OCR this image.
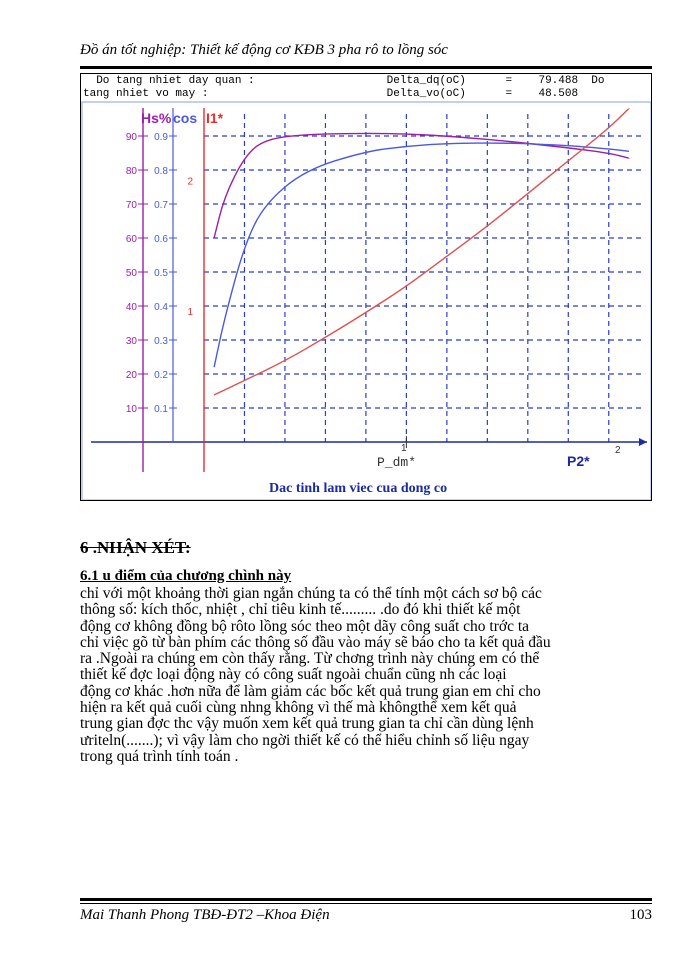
Đồ án tốt nghiệp: Thiết kế động cơ KĐB 3 pha rô to lồng sóc
Do tang nhiet day quan :                    Delta_dq(oC)      =    79.488  Do
tang nhiet vo may :                           Delta_vo(oC)      =    48.508
90
80
70
60
50
40
30
20
10
0.9
0.8
0.7
0.6
0.5
0.4
0.3
0.2
0.1
2
1
Hs% cos I1*
P_dm*	P2*
1	2
Dac tinh lam viec cua dong co
6 .NHẬN XÉT:
6.1 u điểm của chương chình này
chỉ với một khoảng thời gian ngắn chúng ta có thể tính một cách sơ bộ các
thông số: kích thốc, nhiệt , chỉ tiêu kinh tế......... .do đó khi thiết kế một
động cơ không đồng bộ rôto lồng sóc theo một dãy công suất cho trớc ta
chỉ việc gõ từ bàn phím các thông số đầu vào máy sẽ báo cho ta kết quả đầu
ra .Ngoài ra chúng em còn thấy rằng. Từ chơng trình này chúng em có thể
thiết kế đợc loại động này có công suất ngoài chuẩn cũng nh các loại
động cơ khác .hơn nữa để làm giảm các bốc kết quả trung gian em chỉ cho
hiện ra kết quả cuối cùng nhng không vì thế mà khôngthể xem kết quả
trung gian đợc thc vậy muốn xem kết quả trung gian ta chỉ cần dùng lệnh
ưriteln(.......); vì vậy làm cho ngời thiết kế có thể hiểu chỉnh số liệu ngay
trong quá trình tính toán .
Mai Thanh Phong TBĐ-ĐT2 –Khoa Điện	103
